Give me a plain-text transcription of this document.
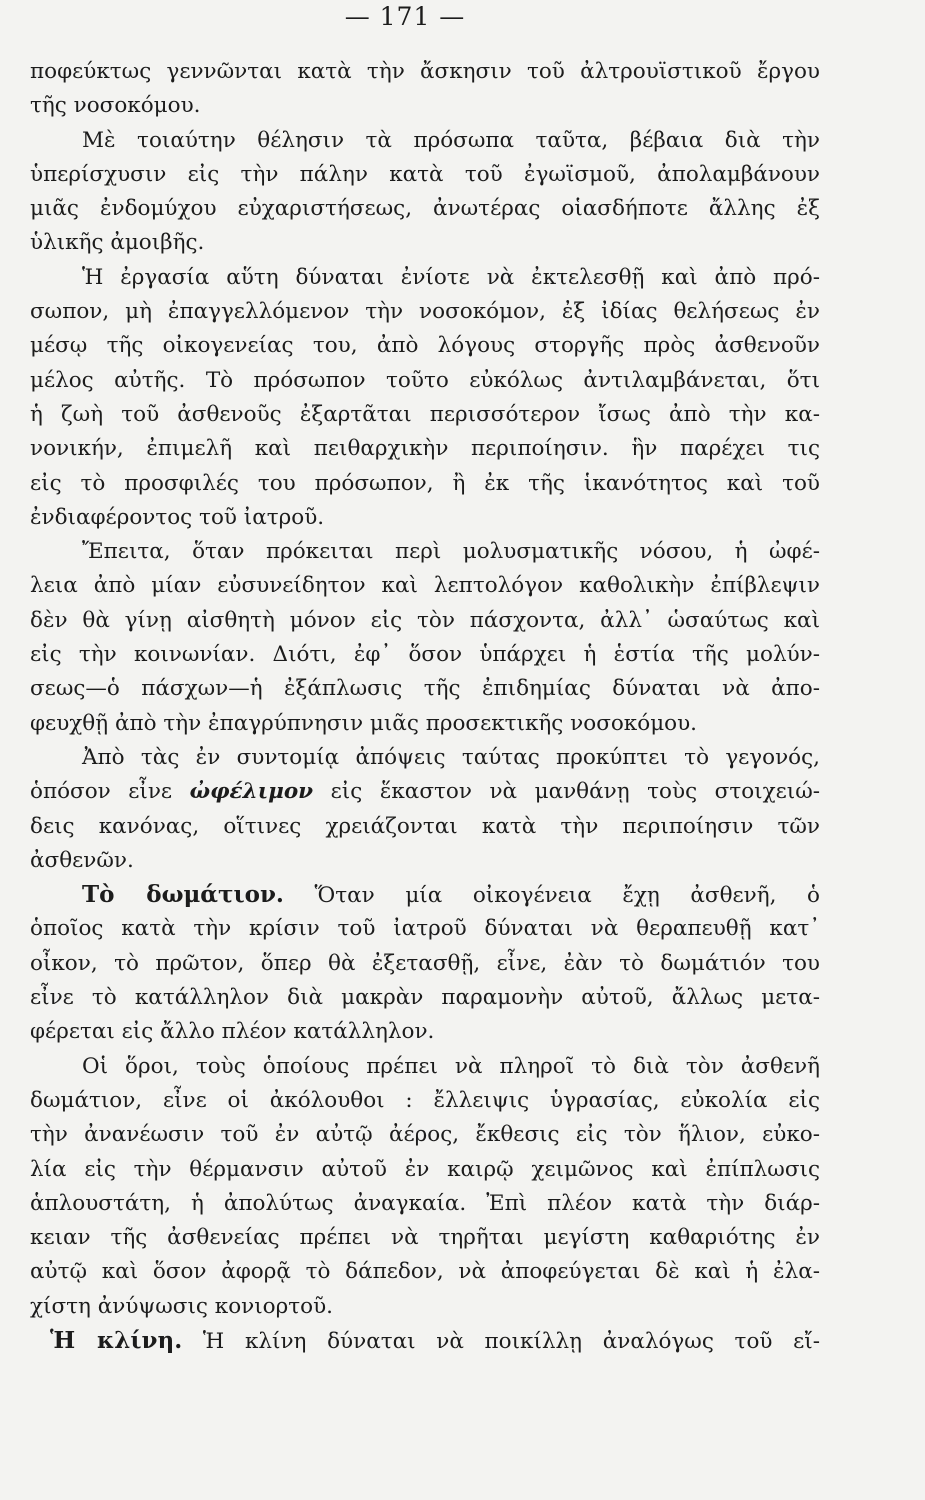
— 171 —
ποφεύκτως γεννῶνται κατὰ τὴν ἄσκησιν τοῦ ἀλτρουϊστικοῦ ἔργου
τῆς νοσοκόμου.
Μὲ τοιαύτην θέλησιν τὰ πρόσωπα ταῦτα, βέβαια διὰ τὴν
ὑπερίσχυσιν εἰς τὴν πάλην κατὰ τοῦ ἐγωϊσμοῦ, ἀπολαμβάνουν
μιᾶς ἐνδομύχου εὐχαριστήσεως, ἀνωτέρας οἱασδήποτε ἄλλης ἐξ
ὑλικῆς ἀμοιβῆς.
Ἡ ἐργασία αὕτη δύναται ἐνίοτε νὰ ἐκτελεσθῇ καὶ ἀπὸ πρό-
σωπον, μὴ ἐπαγγελλόμενον τὴν νοσοκόμον, ἐξ ἰδίας θελήσεως ἐν
μέσῳ τῆς οἰκογενείας του, ἀπὸ λόγους στοργῆς πρὸς ἀσθενοῦν
μέλος αὐτῆς. Τὸ πρόσωπον τοῦτο εὐκόλως ἀντιλαμβάνεται, ὅτι
ἡ ζωὴ τοῦ ἀσθενοῦς ἐξαρτᾶται περισσότερον ἴσως ἀπὸ τὴν κα-
νονικήν, ἐπιμελῆ καὶ πειθαρχικὴν περιποίησιν. ἣν παρέχει τις
εἰς τὸ προσφιλές του πρόσωπον, ἢ ἐκ τῆς ἱκανότητος καὶ τοῦ
ἐνδιαφέροντος τοῦ ἰατροῦ.
Ἔπειτα, ὅταν πρόκειται περὶ μολυσματικῆς νόσου, ἡ ὠφέ-
λεια ἀπὸ μίαν εὐσυνείδητον καὶ λεπτολόγον καθολικὴν ἐπίβλεψιν
δὲν θὰ γίνῃ αἰσθητὴ μόνον εἰς τὸν πάσχοντα, ἀλλ᾽ ὡσαύτως καὶ
εἰς τὴν κοινωνίαν. Διότι, ἐφ᾽ ὅσον ὑπάρχει ἡ ἑστία τῆς μολύν-
σεως—ὁ πάσχων—ἡ ἐξάπλωσις τῆς ἐπιδημίας δύναται νὰ ἀπο-
φευχθῇ ἀπὸ τὴν ἐπαγρύπνησιν μιᾶς προσεκτικῆς νοσοκόμου.
Ἀπὸ τὰς ἐν συντομίᾳ ἀπόψεις ταύτας προκύπτει τὸ γεγονός,
ὁπόσον εἶνε ὠφέλιμον εἰς ἕκαστον νὰ μανθάνῃ τοὺς στοιχειώ-
δεις κανόνας, οἵτινες χρειάζονται κατὰ τὴν περιποίησιν τῶν
ἀσθενῶν.
Τὸ δωμάτιον. Ὅταν μία οἰκογένεια ἔχῃ ἀσθενῆ, ὁ
ὁποῖος κατὰ τὴν κρίσιν τοῦ ἰατροῦ δύναται νὰ θεραπευθῇ κατ᾽
οἶκον, τὸ πρῶτον, ὅπερ θὰ ἐξετασθῇ, εἶνε, ἐὰν τὸ δωμάτιόν του
εἶνε τὸ κατάλληλον διὰ μακρὰν παραμονὴν αὐτοῦ, ἄλλως μετα-
φέρεται εἰς ἄλλο πλέον κατάλληλον.
Οἱ ὅροι, τοὺς ὁποίους πρέπει νὰ πληροῖ τὸ διὰ τὸν ἀσθενῆ
δωμάτιον, εἶνε οἱ ἀκόλουθοι : ἔλλειψις ὑγρασίας, εὐκολία εἰς
τὴν ἀνανέωσιν τοῦ ἐν αὐτῷ ἀέρος, ἔκθεσις εἰς τὸν ἥλιον, εὐκο-
λία εἰς τὴν θέρμανσιν αὐτοῦ ἐν καιρῷ χειμῶνος καὶ ἐπίπλωσις
ἁπλουστάτη, ἡ ἀπολύτως ἀναγκαία. Ἐπὶ πλέον κατὰ τὴν διάρ-
κειαν τῆς ἀσθενείας πρέπει νὰ τηρῆται μεγίστη καθαριότης ἐν
αὐτῷ καὶ ὅσον ἀφορᾷ τὸ δάπεδον, νὰ ἀποφεύγεται δὲ καὶ ἡ ἐλα-
χίστη ἀνύψωσις κονιορτοῦ.
Ἡ κλίνη. Ἡ κλίνη δύναται νὰ ποικίλλῃ ἀναλόγως τοῦ εἴ-
